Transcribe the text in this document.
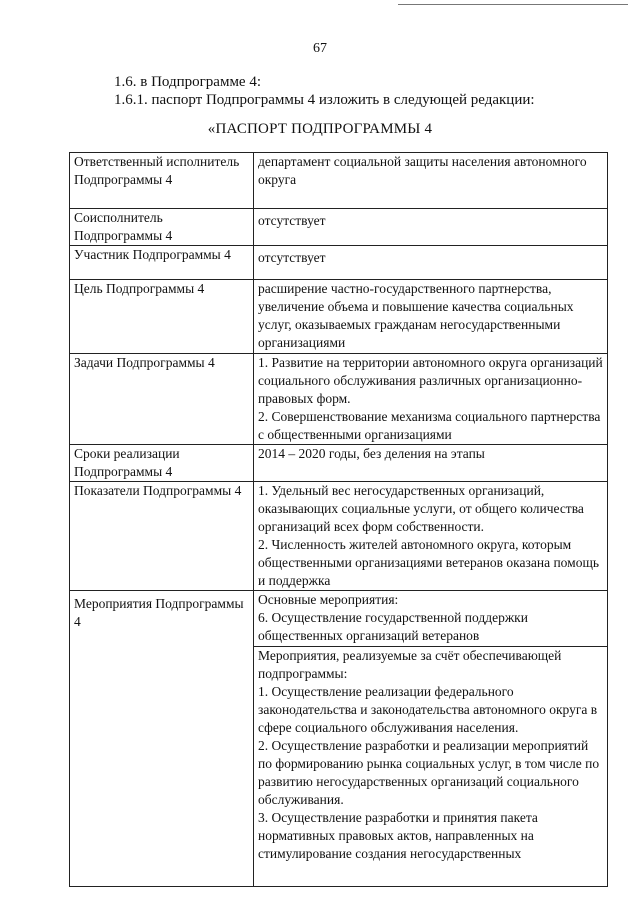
67
1.6. в Подпрограмме 4:
1.6.1. паспорт Подпрограммы 4 изложить в следующей редакции:
«ПАСПОРТ ПОДПРОГРАММЫ 4
Ответственный исполнитель Подпрограммы 4	департамент социальной защиты населения автономного округа
Соисполнитель Подпрограммы 4	отсутствует
Участник Подпрограммы 4	отсутствует
Цель Подпрограммы 4	расширение частно-государственного партнерства, увеличение объема и повышение качества социальных услуг, оказываемых гражданам негосударственными организациями
Задачи Подпрограммы 4	1. Развитие на территории автономного округа организаций социального обслуживания различных организационно-правовых форм.
2. Совершенствование механизма социального партнерства с общественными организациями

Сроки реализации Подпрограммы 4	2014 – 2020 годы, без деления на этапы
Показатели Подпрограммы 4	1. Удельный вес негосударственных организаций, оказывающих социальные услуги, от общего количества организаций всех форм собственности.
2. Численность жителей автономного округа, которым общественными организациями ветеранов оказана помощь и поддержка

Мероприятия Подпрограммы 4	Основные мероприятия:
6. Осуществление государственной поддержки общественных организаций ветеранов

	Мероприятия, реализуемые за счёт обеспечивающей подпрограммы:
1. Осуществление реализации федерального законодательства и законодательства автономного округа в сфере социального обслуживания населения.
2. Осуществление разработки и реализации мероприятий по формированию рынка социальных услуг, в том числе по развитию негосударственных организаций социального обслуживания.
3. Осуществление разработки и принятия пакета нормативных правовых актов, направленных на стимулирование создания негосударственных
